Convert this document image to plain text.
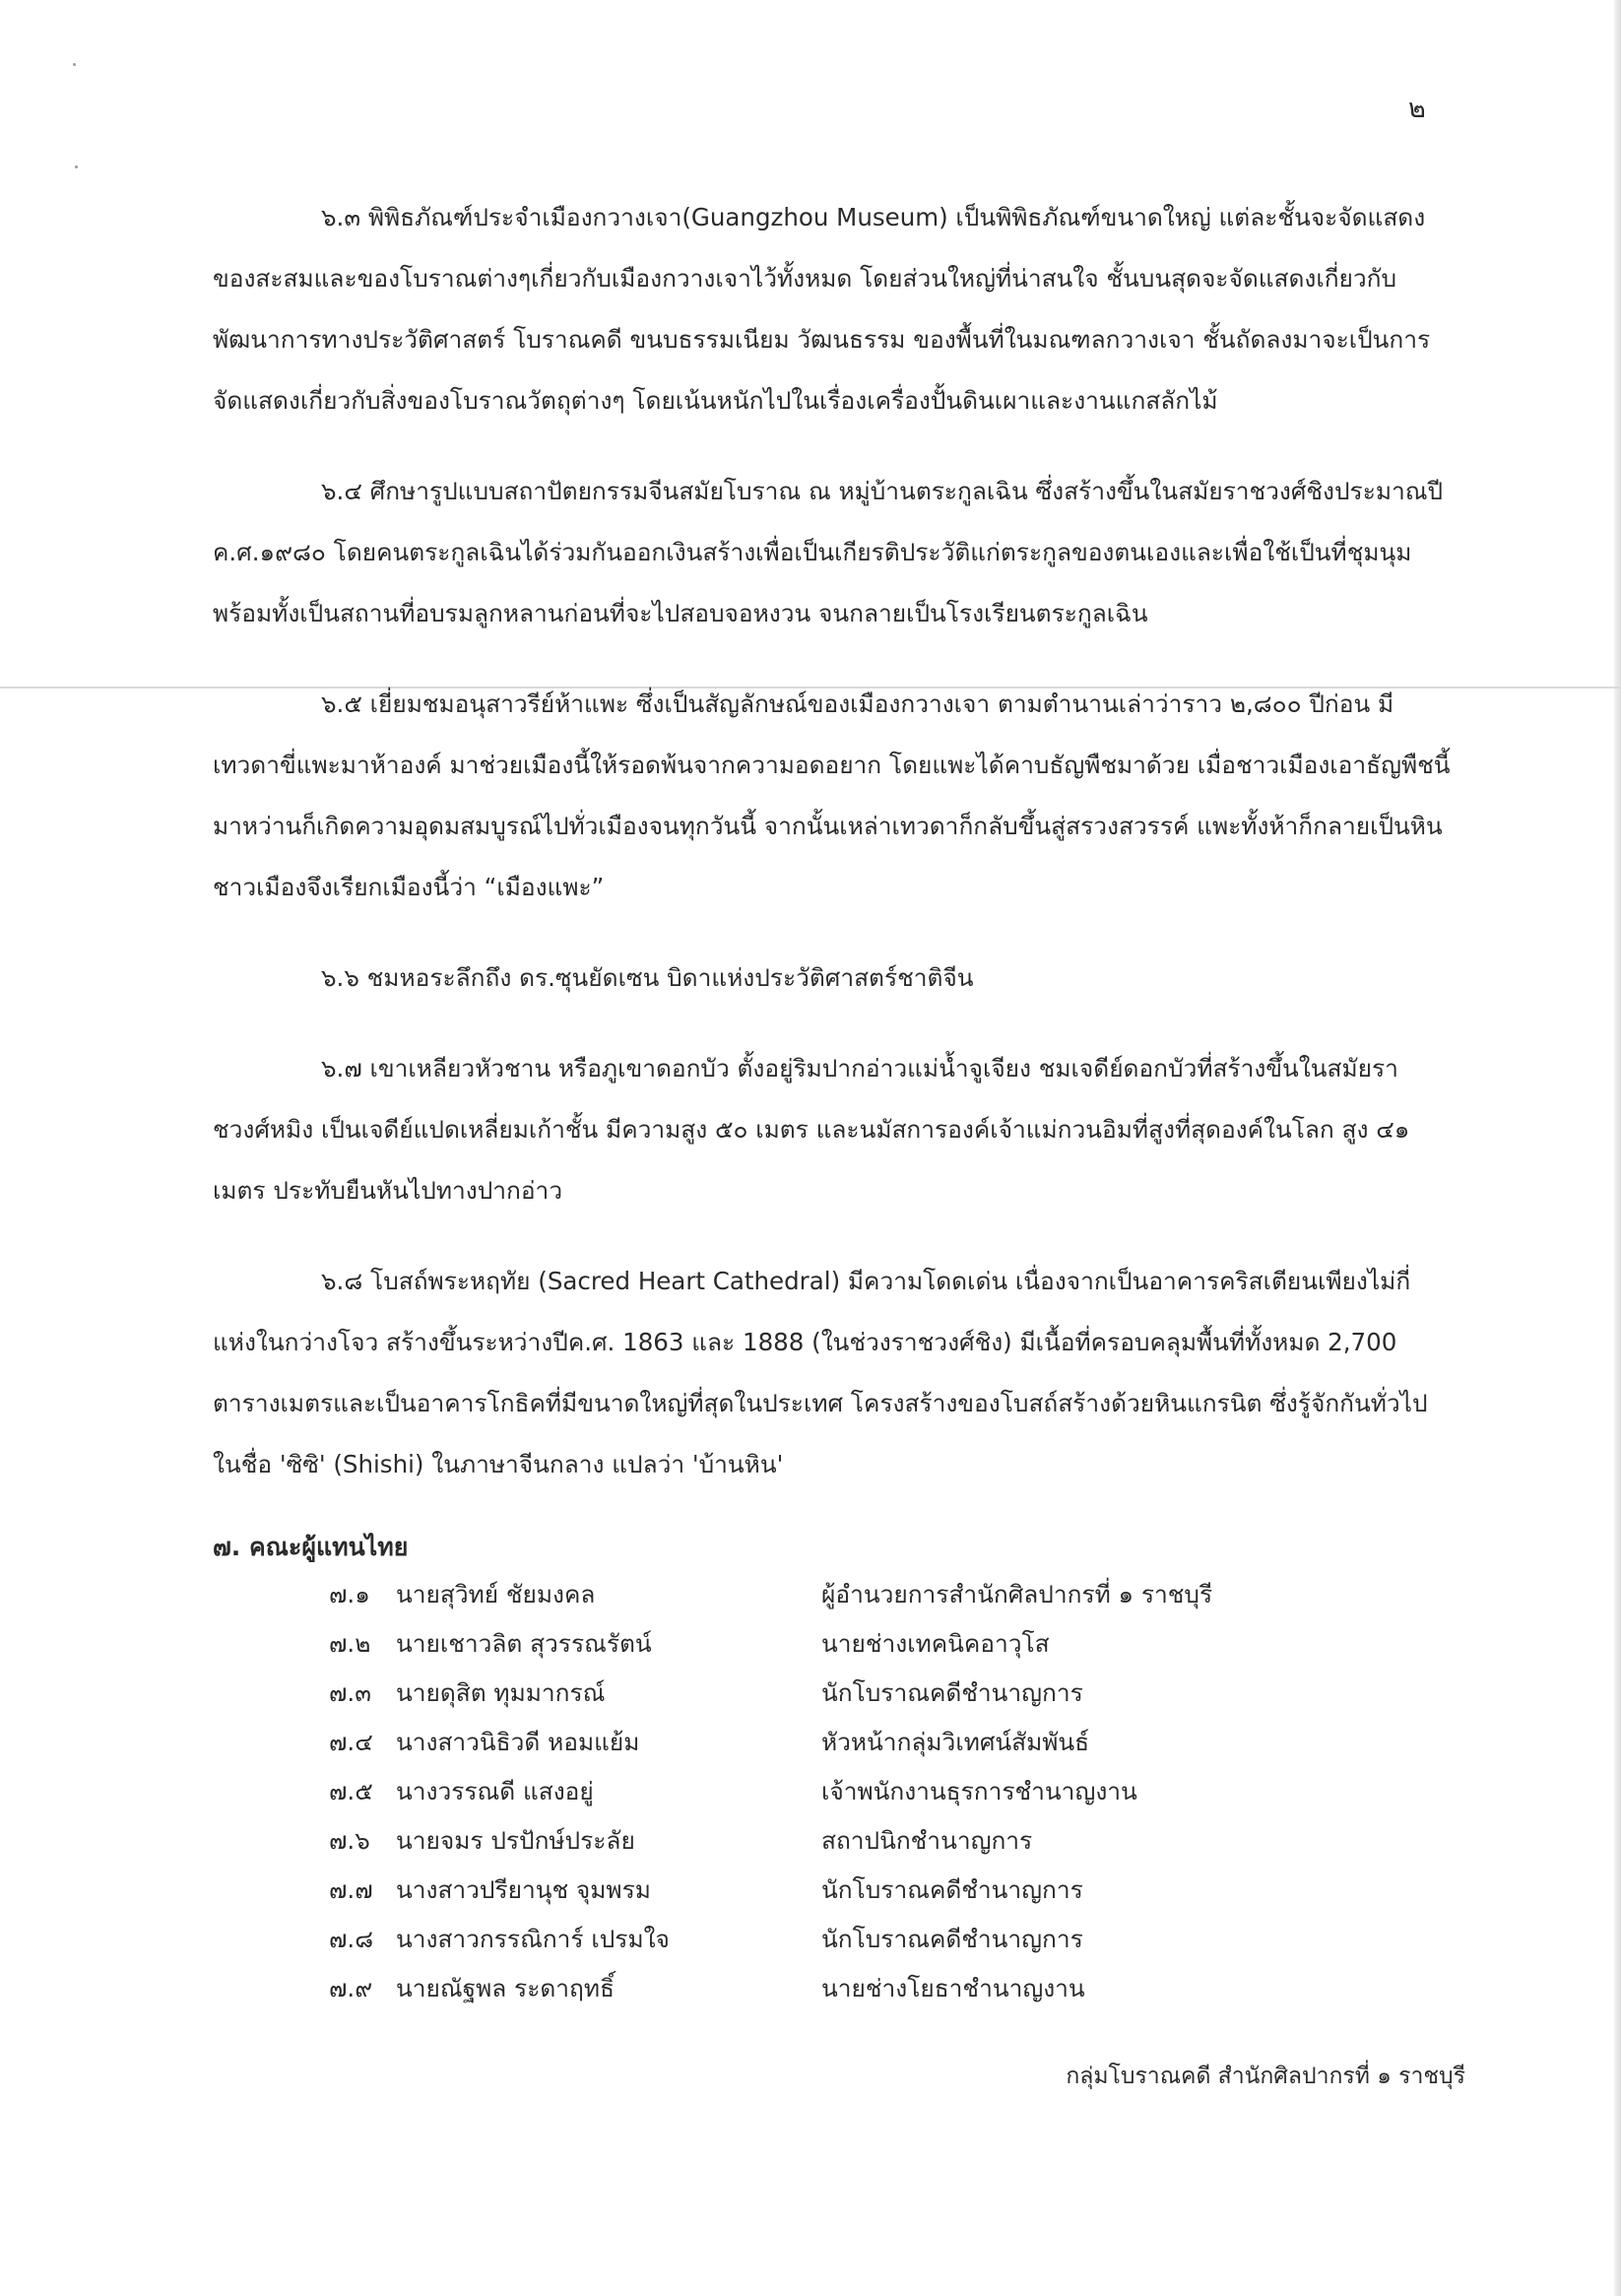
๒

๖.๓ พิพิธภัณฑ์ประจำเมืองกวางเจา(Guangzhou Museum) เป็นพิพิธภัณฑ์ขนาดใหญ่ แต่ละชั้นจะจัดแสดงของสะสมและของโบราณต่างๆเกี่ยวกับเมืองกวางเจาไว้ทั้งหมด โดยส่วนใหญ่ที่น่าสนใจ ชั้นบนสุดจะจัดแสดงเกี่ยวกับพัฒนาการทางประวัติศาสตร์ โบราณคดี ขนบธรรมเนียม วัฒนธรรม ของพื้นที่ในมณฑลกวางเจา ชั้นถัดลงมาจะเป็นการจัดแสดงเกี่ยวกับสิ่งของโบราณวัตถุต่างๆ โดยเน้นหนักไปในเรื่องเครื่องปั้นดินเผาและงานแกสลักไม้

๖.๔ ศึกษารูปแบบสถาปัตยกรรมจีนสมัยโบราณ ณ หมู่บ้านตระกูลเฉิน ซึ่งสร้างขึ้นในสมัยราชวงศ์ชิงประมาณปี ค.ศ.๑๙๘๐ โดยคนตระกูลเฉินได้ร่วมกันออกเงินสร้างเพื่อเป็นเกียรติประวัติแก่ตระกูลของตนเองและเพื่อใช้เป็นที่ชุมนุม พร้อมทั้งเป็นสถานที่อบรมลูกหลานก่อนที่จะไปสอบจอหงวน จนกลายเป็นโรงเรียนตระกูลเฉิน

๖.๕ เยี่ยมชมอนุสาวรีย์ห้าแพะ ซึ่งเป็นสัญลักษณ์ของเมืองกวางเจา ตามตำนานเล่าว่าราว ๒,๘๐๐ ปีก่อน มีเทวดาขี่แพะมาห้าองค์ มาช่วยเมืองนี้ให้รอดพ้นจากความอดอยาก โดยแพะได้คาบธัญพืชมาด้วย เมื่อชาวเมืองเอาธัญพืชนี้มาหว่านก็เกิดความอุดมสมบูรณ์ไปทั่วเมืองจนทุกวันนี้ จากนั้นเหล่าเทวดาก็กลับขึ้นสู่สรวงสวรรค์ แพะทั้งห้าก็กลายเป็นหิน ชาวเมืองจึงเรียกเมืองนี้ว่า “เมืองแพะ”

๖.๖ ชมหอระลึกถึง ดร.ซุนยัดเซน บิดาแห่งประวัติศาสตร์ชาติจีน

๖.๗ เขาเหลียวหัวชาน หรือภูเขาดอกบัว ตั้งอยู่ริมปากอ่าวแม่น้ำจูเจียง ชมเจดีย์ดอกบัวที่สร้างขึ้นในสมัยราชวงศ์หมิง เป็นเจดีย์แปดเหลี่ยมเก้าชั้น มีความสูง ๕๐ เมตร และนมัสการองค์เจ้าแม่กวนอิมที่สูงที่สุดองค์ในโลก สูง ๔๑ เมตร ประทับยืนหันไปทางปากอ่าว

๖.๘ โบสถ์พระหฤทัย (Sacred Heart Cathedral) มีความโดดเด่น เนื่องจากเป็นอาคารคริสเตียนเพียงไม่กี่แห่งในกว่างโจว สร้างขึ้นระหว่างปีค.ศ. 1863 และ 1888 (ในช่วงราชวงศ์ชิง) มีเนื้อที่ครอบคลุมพื้นที่ทั้งหมด 2,700 ตารางเมตรและเป็นอาคารโกธิคที่มีขนาดใหญ่ที่สุดในประเทศ โครงสร้างของโบสถ์สร้างด้วยหินแกรนิต ซึ่งรู้จักกันทั่วไปในชื่อ 'ซิซิ' (Shishi) ในภาษาจีนกลาง แปลว่า 'บ้านหิน'

๗. คณะผู้แทนไทย
๗.๑ นายสุวิทย์ ชัยมงคล	ผู้อำนวยการสำนักศิลปากรที่ ๑ ราชบุรี
๗.๒ นายเชาวลิต สุวรรณรัตน์	นายช่างเทคนิคอาวุโส
๗.๓ นายดุสิต ทุมมากรณ์	นักโบราณคดีชำนาญการ
๗.๔ นางสาวนิธิวดี หอมแย้ม	หัวหน้ากลุ่มวิเทศน์สัมพันธ์
๗.๕ นางวรรณดี แสงอยู่	เจ้าพนักงานธุรการชำนาญงาน
๗.๖ นายจมร ปรปักษ์ประลัย	สถาปนิกชำนาญการ
๗.๗ นางสาวปรียานุช จุมพรม	นักโบราณคดีชำนาญการ
๗.๘ นางสาวกรรณิการ์ เปรมใจ	นักโบราณคดีชำนาญการ
๗.๙ นายณัฐพล ระดาฤทธิ์	นายช่างโยธาชำนาญงาน
กลุ่มโบราณคดี สำนักศิลปากรที่ ๑ ราชบุรี
